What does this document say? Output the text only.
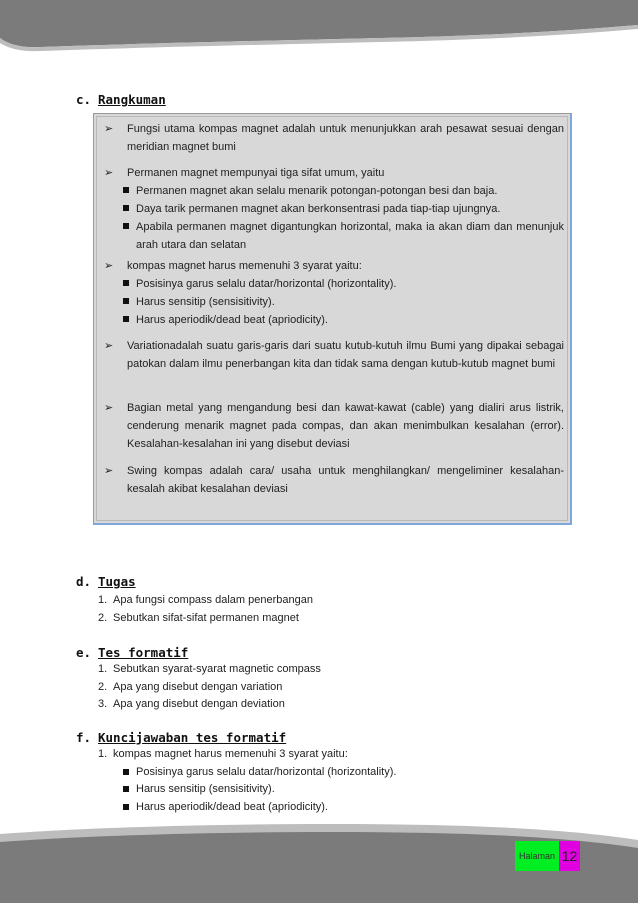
c. Rangkuman
➢ Fungsi utama kompas magnet adalah untuk menunjukkan arah pesawat sesuai dengan meridian magnet bumi
➢ Permanen magnet mempunyai tiga sifat umum, yaitu
Permanen magnet akan selalu menarik potongan-potongan besi dan baja.
Daya tarik permanen magnet akan berkonsentrasi pada tiap-tiap ujungnya.
Apabila permanen magnet digantungkan horizontal, maka ia akan diam dan menunjuk arah utara dan selatan
➢ kompas magnet harus memenuhi 3 syarat yaitu:
Posisinya garus selalu datar/horizontal (horizontality).
Harus sensitip (sensisitivity).
Harus aperiodik/dead beat (apriodicity).
➢ Variationadalah suatu garis-garis dari suatu kutub-kutuh ilmu Bumi yang dipakai sebagai patokan dalam ilmu penerbangan kita dan tidak sama dengan kutub-kutub magnet bumi
➢ Bagian metal yang mengandung besi dan kawat-kawat (cable) yang dialiri arus listrik, cenderung menarik magnet pada compas, dan akan menimbulkan kesalahan (error). Kesalahan-kesalahan ini yang disebut deviasi
➢ Swing kompas adalah cara/ usaha untuk menghilangkan/ mengeliminer kesalahan-kesalah akibat kesalahan deviasi
d. Tugas
1. Apa fungsi compass dalam penerbangan
2. Sebutkan sifat-sifat permanen magnet
e. Tes formatif
1. Sebutkan syarat-syarat magnetic compass
2. Apa yang disebut dengan variation
3. Apa yang disebut dengan deviation
f. Kuncijawaban tes formatif
1. kompas magnet harus memenuhi 3 syarat yaitu:
Posisinya garus selalu datar/horizontal (horizontality).
Harus sensitip (sensisitivity).
Harus aperiodik/dead beat (apriodicity).
Halaman 12
